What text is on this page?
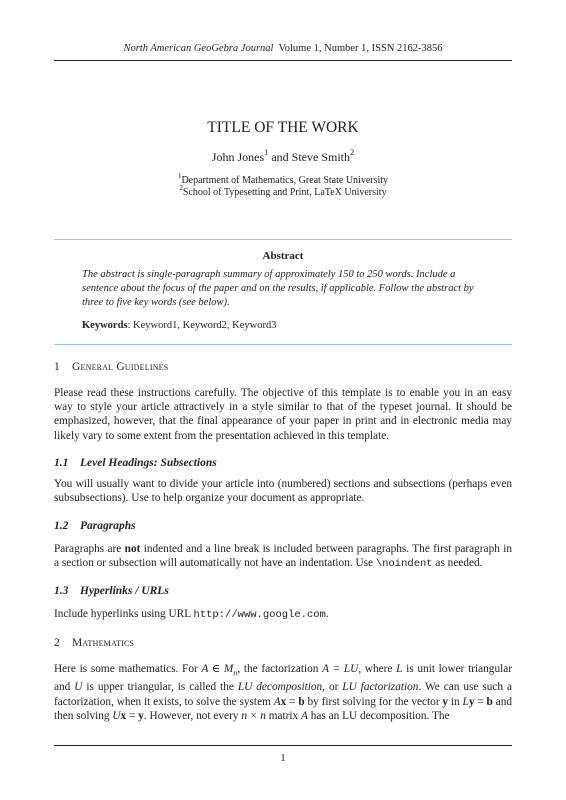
North American GeoGebra Journal Volume 1, Number 1, ISSN 2162-3856
TITLE OF THE WORK
John Jones$^1$ and Steve Smith$^2$
$^1$Department of Mathematics, Great State University
$^2$School of Typesetting and Print, LaTeX University
Abstract

The abstract is single-paragraph summary of approximately 150 to 250 words. Include a sentence about the focus of the paper and on the results, if applicable. Follow the abstract by three to five key words (see below).

Keywords: Keyword1, Keyword2, Keyword3
1 General Guidelines

Please read these instructions carefully. The objective of this template is to enable you in an easy way to style your article attractively in a style similar to that of the typeset journal. It should be emphasized, however, that the final appearance of your paper in print and in electronic media may likely vary to some extent from the presentation achieved in this template.

1.1 Level Headings: Subsections

You will usually want to divide your article into (numbered) sections and subsections (perhaps even subsubsections). Use to help organize your document as appropriate.

1.2 Paragraphs

Paragraphs are not indented and a line break is included between paragraphs. The first paragraph in a section or subsection will automatically not have an indentation. Use \noindent as needed.

1.3 Hyperlinks / URLs

Include hyperlinks using URL http://www.google.com.

2 Mathematics

Here is some mathematics. For A ∈ $M_n$, the factorization A = LU, where L is unit lower triangular and U is upper triangular, is called the LU decomposition, or LU factorization. We can use such a factorization, when it exists, to solve the system Ax = b by first solving for the vector y in Ly = b and then solving Ux = y. However, not every n × n matrix A has an LU decomposition. The

1
